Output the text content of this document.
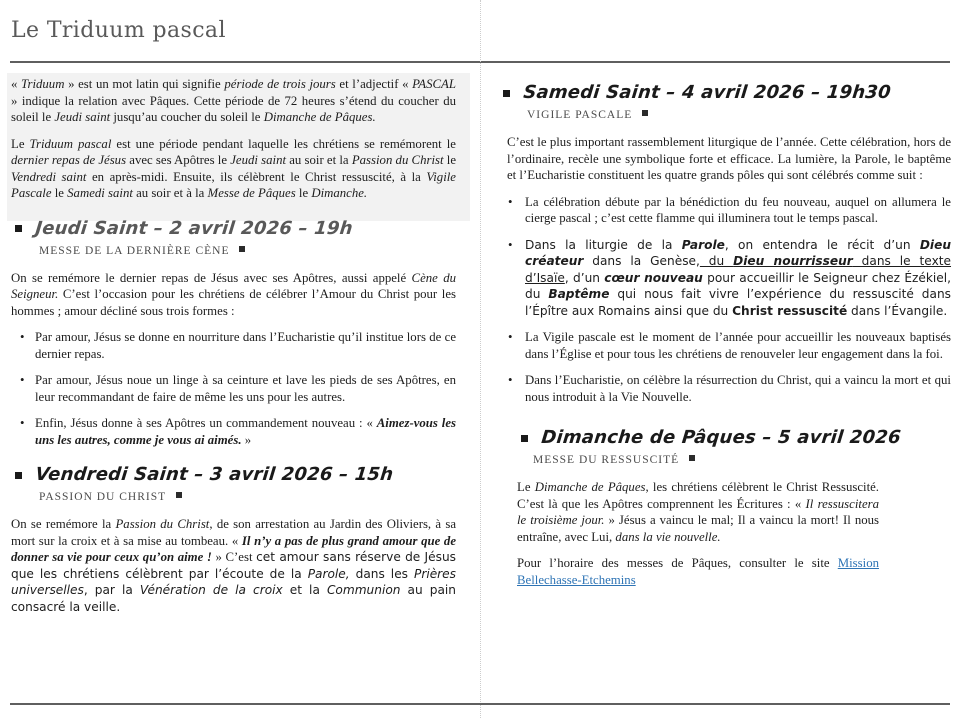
Le Triduum pascal

« Triduum » est un mot latin qui signifie période de trois jours et l’adjectif « PASCAL » indique la relation avec Pâques. Cette période de 72 heures s’étend du coucher du soleil le Jeudi saint jusqu’au coucher du soleil le Dimanche de Pâques.

Le Triduum pascal est une période pendant laquelle les chrétiens se remémorent le dernier repas de Jésus avec ses Apôtres le Jeudi saint au soir et la Passion du Christ le Vendredi saint en après-midi. Ensuite, ils célèbrent le Christ ressuscité, à la Vigile Pascale le Samedi saint au soir et à la Messe de Pâques le Dimanche.

Jeudi Saint – 2 avril 2026 – 19h
MESSE DE LA DERNIÈRE CÈNE

On se remémore le dernier repas de Jésus avec ses Apôtres, aussi appelé Cène du Seigneur. C’est l’occasion pour les chrétiens de célébrer l’Amour du Christ pour les hommes ; amour décliné sous trois formes :

• Par amour, Jésus se donne en nourriture dans l’Eucharistie qu’il institue lors de ce dernier repas.
• Par amour, Jésus noue un linge à sa ceinture et lave les pieds de ses Apôtres, en leur recommandant de faire de même les uns pour les autres.
• Enfin, Jésus donne à ses Apôtres un commandement nouveau : « Aimez-vous les uns les autres, comme je vous ai aimés. »
Vendredi Saint – 3 avril 2026 – 15h
PASSION DU CHRIST

On se remémore la Passion du Christ, de son arrestation au Jardin des Oliviers, à sa mort sur la croix et à sa mise au tombeau. « Il n’y a pas de plus grand amour que de donner sa vie pour ceux qu’on aime ! » C’est cet amour sans réserve de Jésus que les chrétiens célèbrent par l’écoute de la Parole, dans les Prières universelles, par la Vénération de la croix et la Communion au pain consacré la veille.

Samedi Saint – 4 avril 2026 – 19h30
VIGILE PASCALE

C’est le plus important rassemblement liturgique de l’année. Cette célébration, hors de l’ordinaire, recèle une symbolique forte et efficace. La lumière, la Parole, le baptême et l’Eucharistie constituent les quatre grands pôles qui sont célébrés comme suit :

• La célébration débute par la bénédiction du feu nouveau, auquel on allumera le cierge pascal ; c’est cette flamme qui illuminera tout le temps pascal.
• Dans la liturgie de la Parole, on entendra le récit d’un Dieu créateur dans la Genèse, du Dieu nourrisseur dans le texte d’Isaïe, d’un cœur nouveau pour accueillir le Seigneur chez Ézékiel, du Baptême qui nous fait vivre l’expérience du ressuscité dans l’Épître aux Romains ainsi que du Christ ressuscité dans l’Évangile.
• La Vigile pascale est le moment de l’année pour accueillir les nouveaux baptisés dans l’Église et pour tous les chrétiens de renouveler leur engagement dans la foi.
• Dans l’Eucharistie, on célèbre la résurrection du Christ, qui a vaincu la mort et qui nous introduit à la Vie Nouvelle.
Dimanche de Pâques – 5 avril 2026
MESSE DU RESSUSCITÉ

Le Dimanche de Pâques, les chrétiens célèbrent le Christ Ressuscité. C’est là que les Apôtres comprennent les Écritures : « Il ressuscitera le troisième jour. » Jésus a vaincu le mal; Il a vaincu la mort! Il nous entraîne, avec Lui, dans la vie nouvelle.

Pour l’horaire des messes de Pâques, consulter le site Mission Bellechasse-Etchemins
